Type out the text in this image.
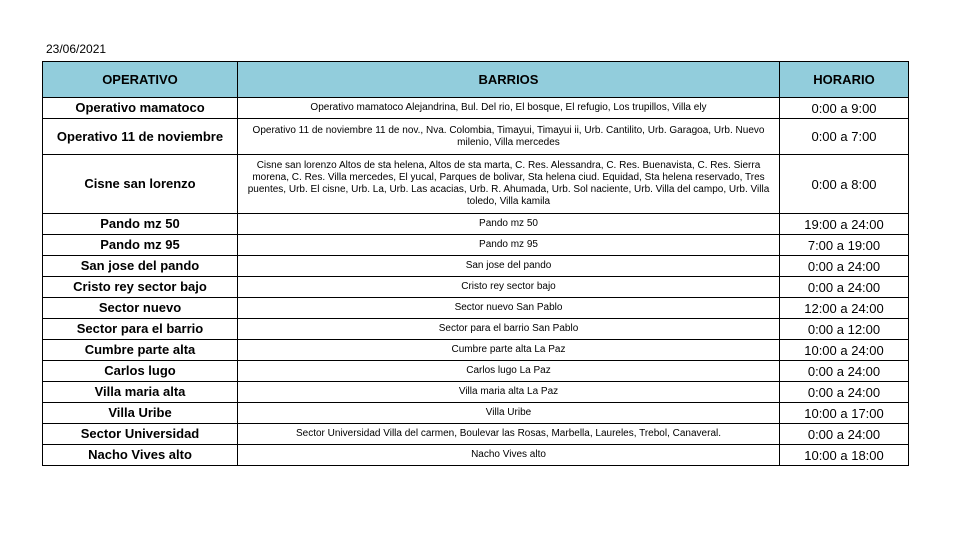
23/06/2021
OPERATIVO	BARRIOS	HORARIO
Operativo mamatoco	Operativo mamatoco Alejandrina, Bul. Del rio, El bosque, El refugio, Los trupillos, Villa ely	0:00 a 9:00
Operativo 11 de noviembre	Operativo 11 de noviembre 11 de nov., Nva. Colombia, Timayui, Timayui ii, Urb. Cantilito, Urb. Garagoa, Urb. Nuevo milenio, Villa mercedes	0:00 a 7:00
Cisne san lorenzo	Cisne san lorenzo Altos de sta helena, Altos de sta marta, C. Res. Alessandra, C. Res. Buenavista, C. Res. Sierra morena, C. Res. Villa mercedes, El yucal, Parques de bolivar, Sta helena ciud. Equidad, Sta helena reservado, Tres puentes, Urb. El cisne, Urb. La, Urb. Las acacias, Urb. R. Ahumada, Urb. Sol naciente, Urb. Villa del campo, Urb. Villa toledo, Villa kamila	0:00 a 8:00
Pando mz 50	Pando mz 50	19:00 a 24:00
Pando mz 95	Pando mz 95	7:00 a 19:00
San jose del pando	San jose del pando	0:00 a 24:00
Cristo rey sector bajo	Cristo rey sector bajo	0:00 a 24:00
Sector nuevo	Sector nuevo San Pablo	12:00 a 24:00
Sector para el barrio	Sector para el barrio San Pablo	0:00 a 12:00
Cumbre parte alta	Cumbre parte alta La Paz	10:00 a 24:00
Carlos lugo	Carlos lugo La Paz	0:00 a 24:00
Villa maria alta	Villa maria alta La Paz	0:00 a 24:00
Villa Uribe	Villa Uribe	10:00 a 17:00
Sector Universidad	Sector Universidad Villa del carmen, Boulevar las Rosas, Marbella, Laureles, Trebol, Canaveral.	0:00 a 24:00
Nacho Vives alto	Nacho Vives alto	10:00 a 18:00
